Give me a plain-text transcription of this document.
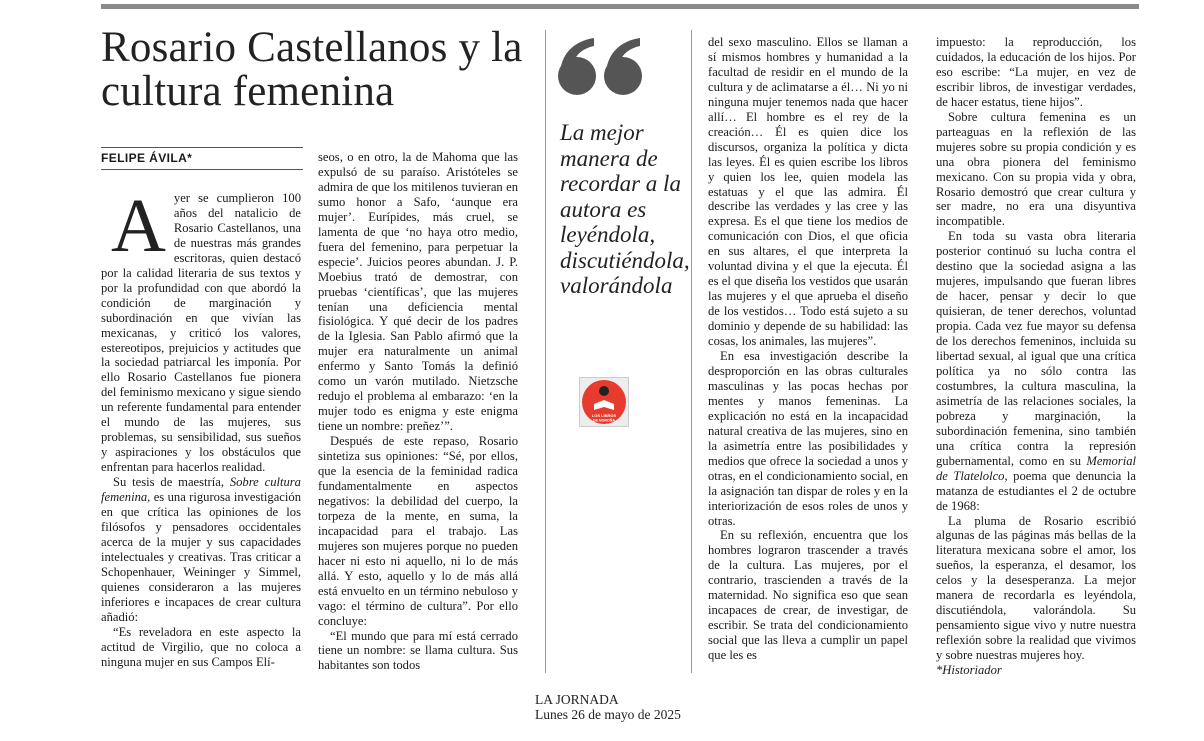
Rosario Castellanos y la cultura femenina
FELIPE ÁVILA*

Ayer se cumplieron 100 años del natalicio de Rosario Castellanos, una de nuestras más grandes escritoras, quien destacó por la calidad literaria de sus textos y por la profundidad con que abordó la condición de marginación y subordinación en que vivían las mexicanas, y criticó los valores, estereotipos, prejuicios y actitudes que la sociedad patriarcal les imponía. Por ello Rosario Castellanos fue pionera del feminismo mexicano y sigue siendo un referente fundamental para entender el mundo de las mujeres, sus problemas, su sensibilidad, sus sueños y aspiraciones y los obstáculos que enfrentan para hacerlos realidad.

Su tesis de maestría, Sobre cultura femenina, es una rigurosa investigación en que crítica las opiniones de los filósofos y pensadores occidentales acerca de la mujer y sus capacidades intelectuales y creativas. Tras criticar a Schopenhauer, Weininger y Simmel, quienes consideraron a las mujeres inferiores e incapaces de crear cultura añadió:

“Es reveladora en este aspecto la actitud de Virgilio, que no coloca a ninguna mujer en sus Campos Elí-

seos, o en otro, la de Mahoma que las expulsó de su paraíso. Aristóteles se admira de que los mitilenos tuvieran en sumo honor a Safo, ‘aunque era mujer’. Eurípides, más cruel, se lamenta de que ‘no haya otro medio, fuera del femenino, para perpetuar la especie’. Juicios peores abundan. J. P. Moebius trató de demostrar, con pruebas ‘científicas’, que las mujeres tenían una deficiencia mental fisiológica. Y qué decir de los padres de la Iglesia. San Pablo afirmó que la mujer era naturalmente un animal enfermo y Santo Tomás la definió como un varón mutilado. Nietzsche redujo el problema al embarazo: ‘en la mujer todo es enigma y este enigma tiene un nombre: preñez’”.

Después de este repaso, Rosario sintetiza sus opiniones: “Sé, por ellos, que la esencia de la feminidad radica fundamentalmente en aspectos negativos: la debilidad del cuerpo, la torpeza de la mente, en suma, la incapacidad para el trabajo. Las mujeres son mujeres porque no pueden hacer ni esto ni aquello, ni lo de más allá. Y esto, aquello y lo de más allá está envuelto en un término nebuloso y vago: el término de cultura”. Por ello concluye:

“El mundo que para mí está cerrado tiene un nombre: se llama cultura. Sus habitantes son todos

La mejor manera de recordar a la autora es leyéndola, discutiéndola, valorándola
LOS LIBROS
DE NOROÑA

del sexo masculino. Ellos se llaman a sí mismos hombres y humanidad a la facultad de residir en el mundo de la cultura y de aclimatarse a él… Ni yo ni ninguna mujer tenemos nada que hacer allí… El hombre es el rey de la creación… Él es quien dice los discursos, organiza la política y dicta las leyes. Él es quien escribe los libros y quien los lee, quien modela las estatuas y el que las admira. Él describe las verdades y las cree y las expresa. Es el que tiene los medios de comunicación con Dios, el que oficia en sus altares, el que interpreta la voluntad divina y el que la ejecuta. Él es el que diseña los vestidos que usarán las mujeres y el que aprueba el diseño de los vestidos… Todo está sujeto a su dominio y depende de su habilidad: las cosas, los animales, las mujeres”.

En esa investigación describe la desproporción en las obras culturales masculinas y las pocas hechas por mentes y manos femeninas. La explicación no está en la incapacidad natural creativa de las mujeres, sino en la asimetría entre las posibilidades y medios que ofrece la sociedad a unos y otras, en el condicionamiento social, en la asignación tan dispar de roles y en la interiorización de esos roles de unos y otras.

En su reflexión, encuentra que los hombres lograron trascender a través de la cultura. Las mujeres, por el contrario, trascienden a través de la maternidad. No significa eso que sean incapaces de crear, de investigar, de escribir. Se trata del condicionamiento social que las lleva a cumplir un papel que les es

impuesto: la reproducción, los cuidados, la educación de los hijos. Por eso escribe: “La mujer, en vez de escribir libros, de investigar verdades, de hacer estatus, tiene hijos”.

Sobre cultura femenina es un parteaguas en la reflexión de las mujeres sobre su propia condición y es una obra pionera del feminismo mexicano. Con su propia vida y obra, Rosario demostró que crear cultura y ser madre, no era una disyuntiva incompatible.

En toda su vasta obra literaria posterior continuó su lucha contra el destino que la sociedad asigna a las mujeres, impulsando que fueran libres de hacer, pensar y decir lo que quisieran, de tener derechos, voluntad propia. Cada vez fue mayor su defensa de los derechos femeninos, incluida su libertad sexual, al igual que una crítica política ya no sólo contra las costumbres, la cultura masculina, la asimetría de las relaciones sociales, la pobreza y marginación, la subordinación femenina, sino también una crítica contra la represión gubernamental, como en su Memorial de Tlatelolco, poema que denuncia la matanza de estudiantes el 2 de octubre de 1968:

La pluma de Rosario escribió algunas de las páginas más bellas de la literatura mexicana sobre el amor, los sueños, la esperanza, el desamor, los celos y la desesperanza. La mejor manera de recordarla es leyéndola, discutiéndola, valorándola. Su pensamiento sigue vivo y nutre nuestra reflexión sobre la realidad que vivimos y sobre nuestras mujeres hoy.

*Historiador

LA JORNADA
Lunes 26 de mayo de 2025
